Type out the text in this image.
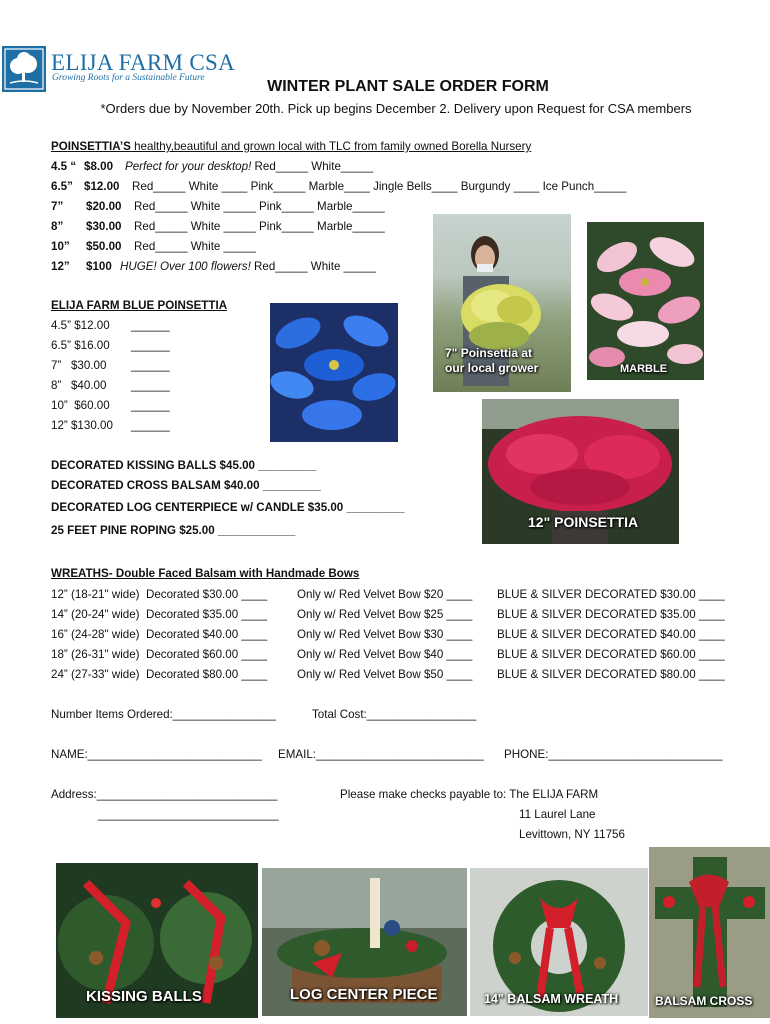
ELIJA FARM CSA
Growing Roots for a Sustainable Future	WINTER PLANT SALE ORDER FORM
*Orders due by November 20th. Pick up begins December 2. Delivery upon Request for CSA members
POINSETTIA’S healthy,beautiful and grown local with TLC from family owned Borella Nursery
4.5 “ $8.00 Perfect for your desktop! Red_____ White_____
6.5” $12.00 Red_____ White ____ Pink_____ Marble____ Jingle Bells____ Burgundy ____ Ice Punch_____
7” $20.00 Red_____ White _____ Pink_____ Marble_____
8” $30.00 Red_____ White _____ Pink_____ Marble_____
10” $50.00 Red_____ White _____
12” $100 HUGE! Over 100 flowers! Red_____ White _____
ELIJA FARM BLUE POINSETTIA
4.5” $12.00 ______
6.5” $16.00 ______
7”   $30.00 ______
8”   $40.00 ______
10”  $60.00 ______
12” $130.00 ______
DECORATED KISSING BALLS $45.00 _________
DECORATED CROSS BALSAM $40.00 _________
DECORATED LOG CENTERPIECE w/ CANDLE $35.00 _________
25 FEET PINE ROPING $25.00 ____________
WREATHS- Double Faced Balsam with Handmade Bows
12” (18-21" wide)  Decorated $30.00 ____	Only w/ Red Velvet Bow $20 ____ BLUE & SILVER DECORATED $30.00 ____
14” (20-24" wide)  Decorated $35.00 ____	Only w/ Red Velvet Bow $25 ____ BLUE & SILVER DECORATED $35.00 ____
16” (24-28" wide)  Decorated $40.00 ____	Only w/ Red Velvet Bow $30 ____ BLUE & SILVER DECORATED $40.00 ____
18” (26-31" wide)  Decorated $60.00 ____	Only w/ Red Velvet Bow $40 ____ BLUE & SILVER DECORATED $60.00 ____
24” (27-33" wide)  Decorated $80.00 ____	Only w/ Red Velvet Bow $50 ____ BLUE & SILVER DECORATED $80.00 ____
Number Items Ordered:________________	Total Cost:_________________
NAME:___________________________ EMAIL:__________________________ PHONE:___________________________
Address:____________________________
____________________________
Please make checks payable to: The ELIJA FARM
11 Laurel Lane
Levittown, NY 11756
7" Poinsettia at
our local grower	MARBLE
12" POINSETTIA
KISSING BALLS	LOG CENTER PIECE	14" BALSAM WREATH	BALSAM CROSS
